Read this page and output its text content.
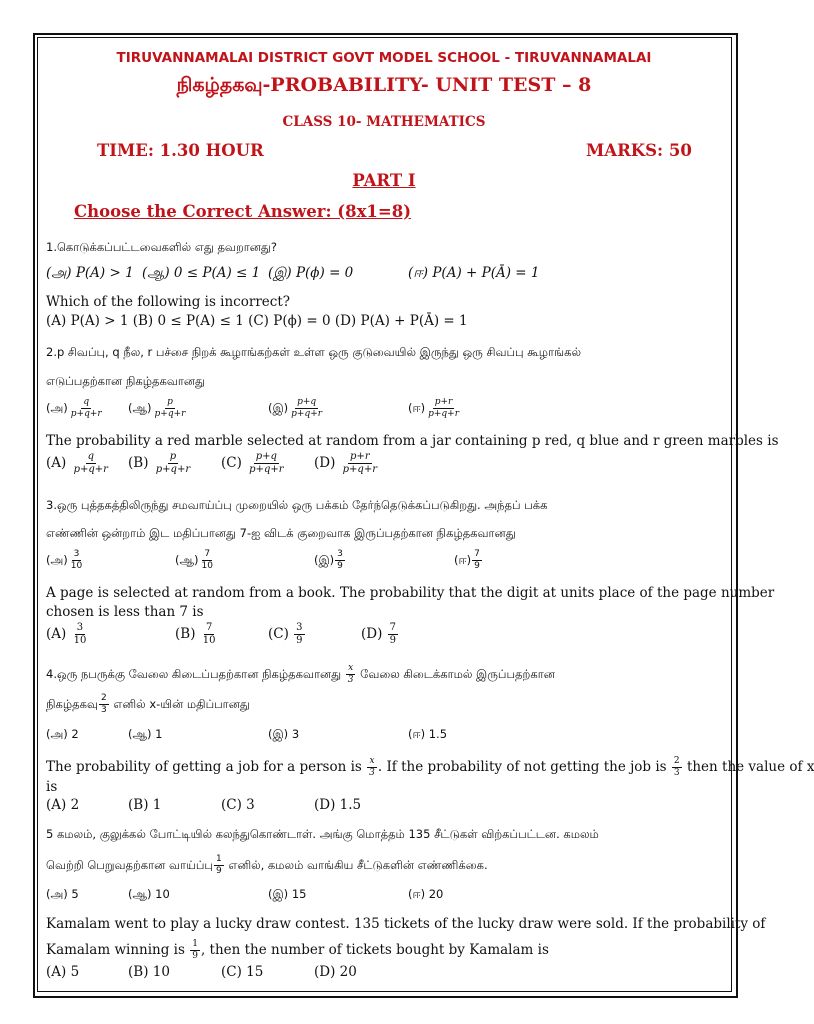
TIRUVANNAMALAI DISTRICT GOVT MODEL SCHOOL - TIRUVANNAMALAI
நிகழ்தகவு-PROBABILITY- UNIT TEST – 8
CLASS 10- MATHEMATICS
TIME: 1.30 HOUR	MARKS: 50
PART I
Choose the Correct Answer: (8x1=8)
1.கொடுக்கப்பட்டவைகளில் எது தவறானது?
(அ) P(A) > 1 (ஆ) 0 ≤ P(A) ≤ 1 (இ) P(ϕ) = 0	(ஈ) P(A) + P(Ā) = 1
Which of the following is incorrect?
(A) P(A) > 1 (B) 0 ≤ P(A) ≤ 1 (C) P(ϕ) = 0 (D) P(A) + P(Ā) = 1
2.p சிவப்பு, q நீல, r பச்சை நிறக் கூழாங்கற்கள் உள்ள ஒரு குடுவையில் இருந்து ஒரு சிவப்பு கூழாங்கல்
எடுப்பதற்கான நிகழ்தகவானது
(அ) $\frac{q}{p+q+r}$ (ஆ) $\frac{p}{p+q+r}$	(இ) $\frac{p+q}{p+q+r}$	(ஈ) $\frac{p+r}{p+q+r}$
The probability a red marble selected at random from a jar containing p red, q blue and r green marbles is
$(A) \frac{q}{p+q+r} (B) \frac{p}{p+q+r} (C) \frac{p+q}{p+q+r} (D) \frac{p+r}{p+q+r}$
3.ஒரு புத்தகத்திலிருந்து சமவாய்ப்பு முறையில் ஒரு பக்கம் தேர்ந்தெடுக்கப்படுகிறது. அந்தப் பக்க
எண்ணின் ஒன்றாம் இட மதிப்பானது 7-ஐ விடக் குறைவாக இருப்பதற்கான நிகழ்தகவானது
(அ) $\frac{3}{10}$	(ஆ) $\frac{7}{10}$	(இ) $\frac{3}{9}$	(ஈ) $\frac{7}{9}$
A page is selected at random from a book. The probability that the digit at units place of the page number
chosen is less than 7 is
$(A) \frac{3}{10}$	$(B) \frac{7}{10}$	$(C) \frac{3}{9}$	$(D) \frac{7}{9}$
4.ஒரு நபருக்கு வேலை கிடைப்பதற்கான நிகழ்தகவானது $\frac{x}{3}$ வேலை கிடைக்காமல் இருப்பதற்கான
நிகழ்தகவு $\frac{2}{3}$ எனில் x-யின் மதிப்பானது
(அ) 2	(ஆ) 1	(இ) 3	(ஈ) 1.5
The probability of getting a job for a person is $\frac{x}{3}$ . If the probability of not getting the job is $\frac{2}{3}$ then the value of x
is
(A) 2	(B) 1	(C) 3	(D) 1.5
5 கமலம், குலுக்கல் போட்டியில் கலந்துகொண்டாள். அங்கு மொத்தம் 135 சீட்டுகள் விற்கப்பட்டன. கமலம்
வெற்றி பெறுவதற்கான வாய்ப்பு $\frac{1}{9}$ எனில், கமலம் வாங்கிய சீட்டுகளின் எண்ணிக்கை.
(அ) 5	(ஆ) 10	(இ) 15	(ஈ) 20
Kamalam went to play a lucky draw contest. 135 tickets of the lucky draw were sold. If the probability of
Kamalam winning is $\frac{1}{9}$ , then the number of tickets bought by Kamalam is
(A) 5	(B) 10	(C) 15	(D) 20
